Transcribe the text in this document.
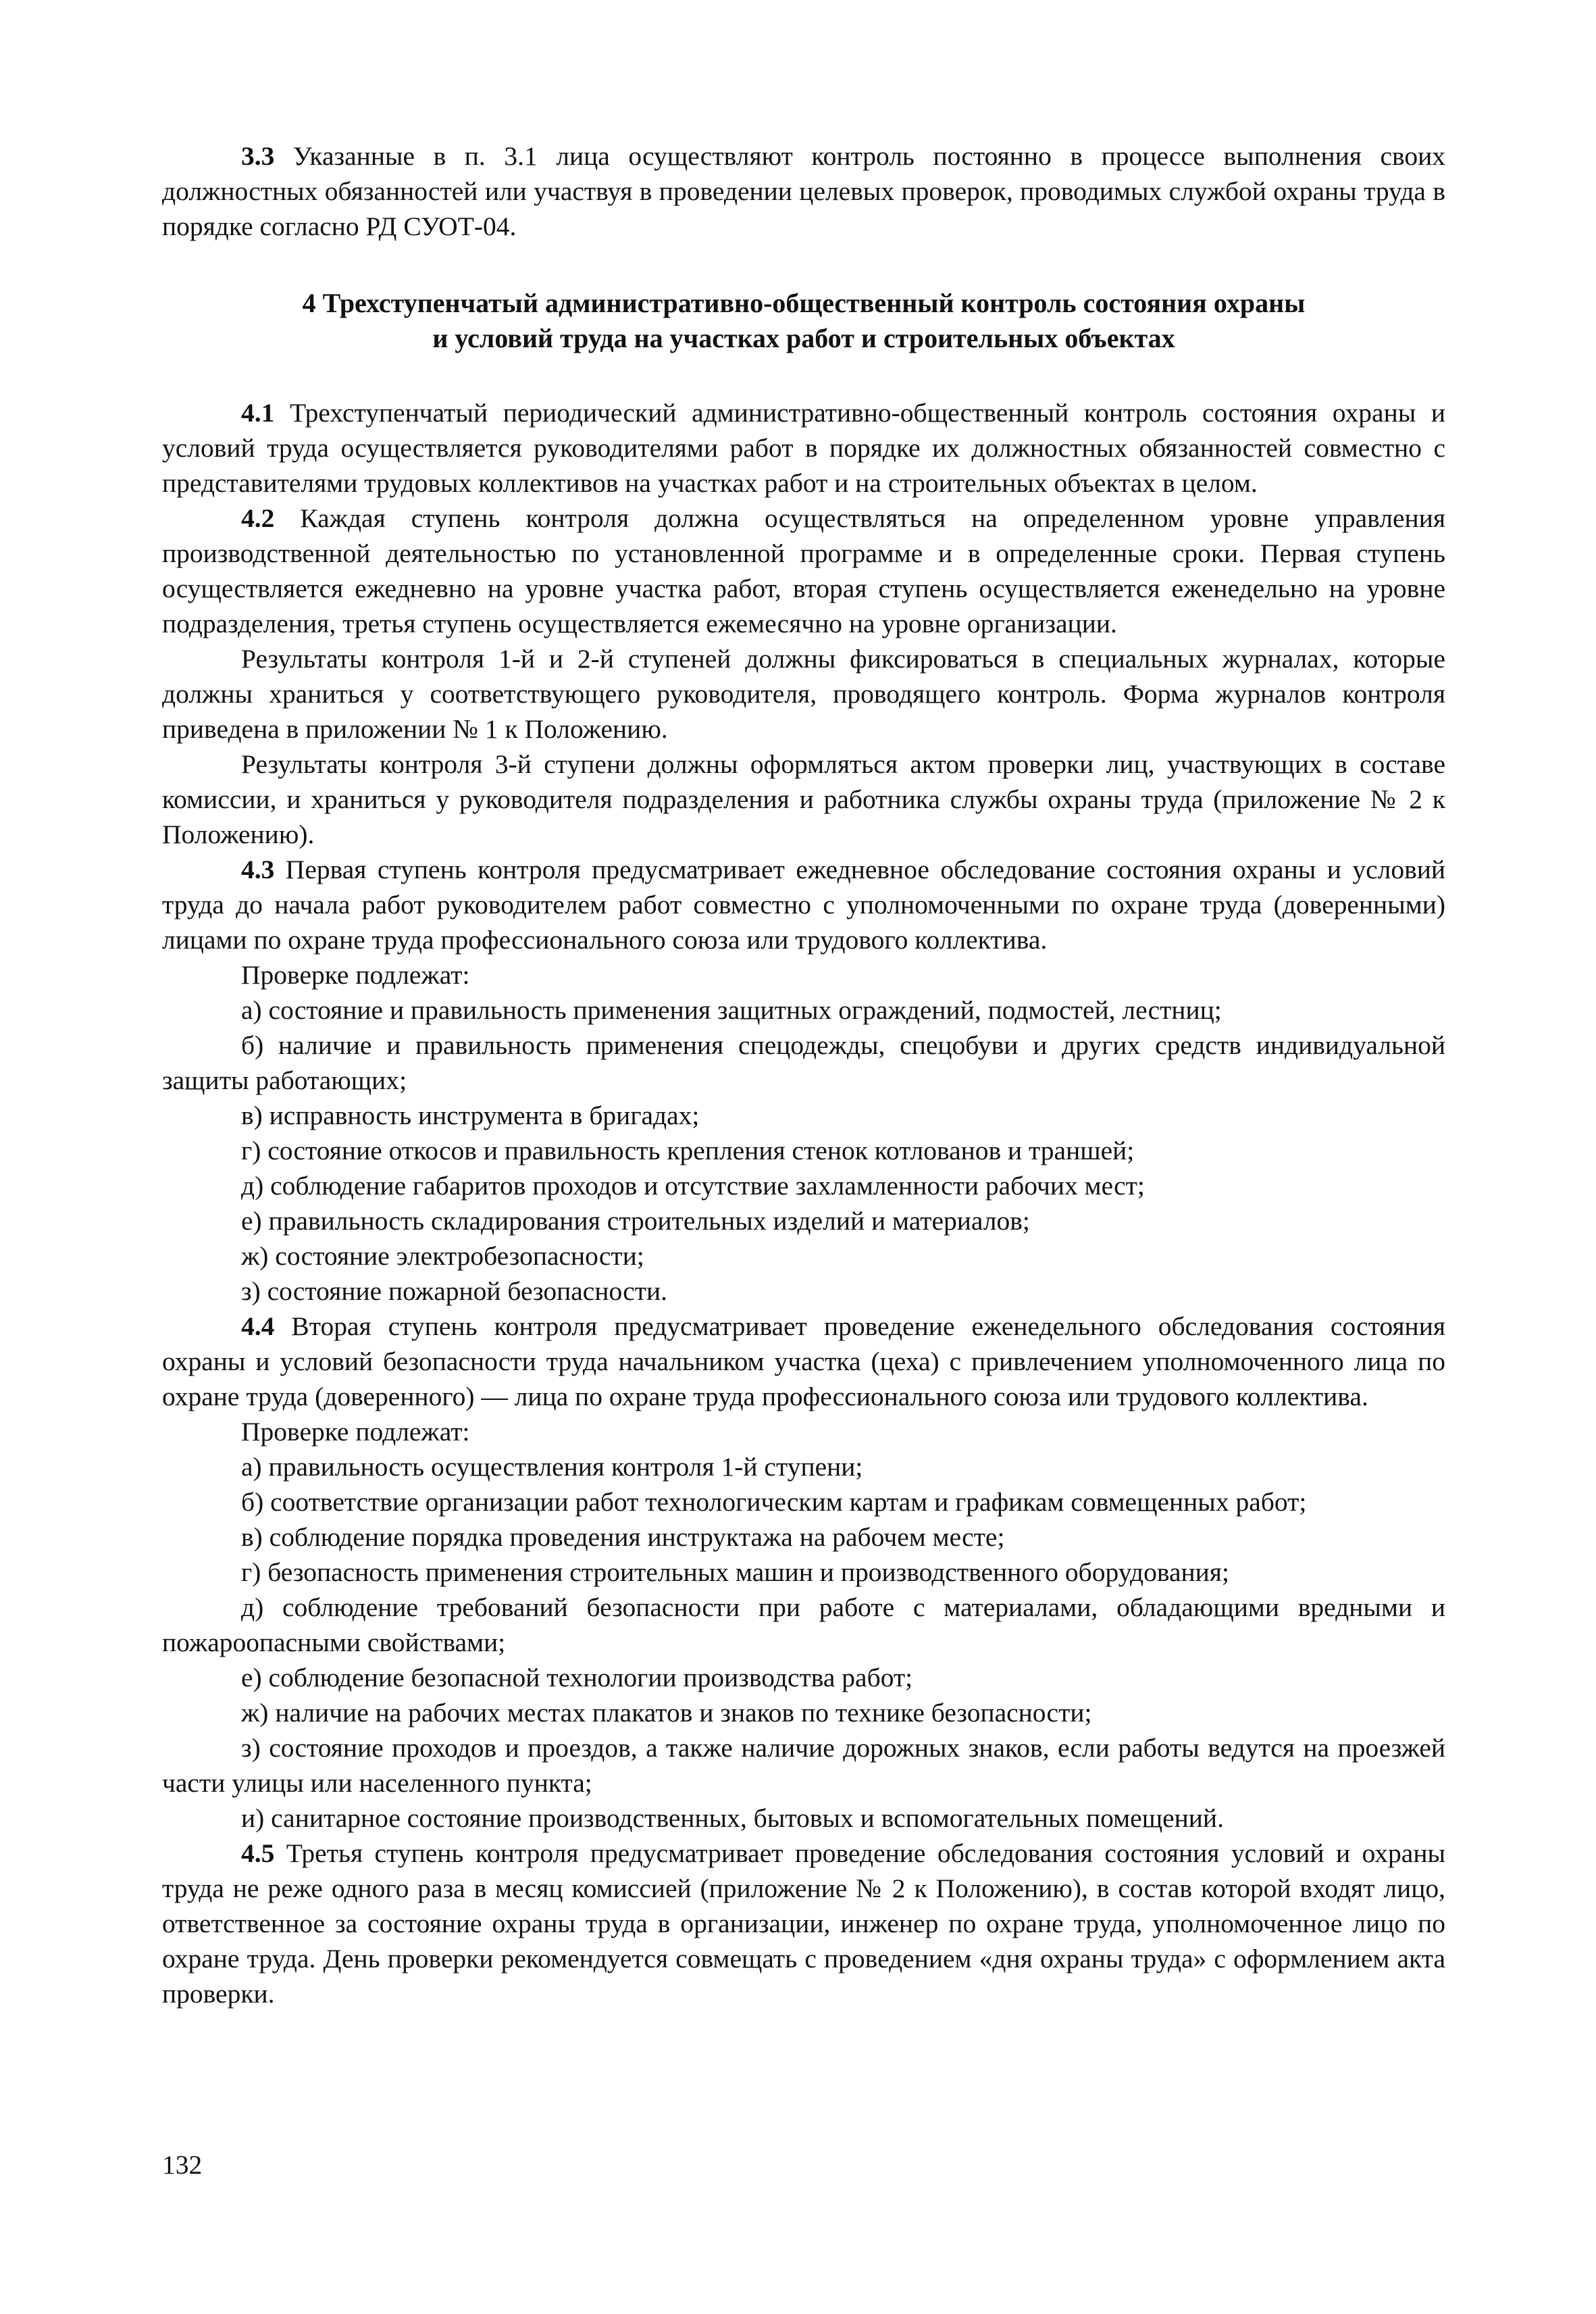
3.3 Указанные в п. 3.1 лица осуществляют контроль постоянно в процессе выполнения своих должностных обязанностей или участвуя в проведении целевых проверок, проводимых службой охраны труда в порядке согласно РД СУОТ-04.

4 Трехступенчатый административно-общественный контроль состояния охраны
и условий труда на участках работ и строительных объектах

4.1 Трехступенчатый периодический административно-общественный контроль состояния охраны и условий труда осуществляется руководителями работ в порядке их должностных обязанностей совместно с представителями трудовых коллективов на участках работ и на строительных объектах в целом.

4.2 Каждая ступень контроля должна осуществляться на определенном уровне управления производственной деятельностью по установленной программе и в определенные сроки. Первая ступень осуществляется ежедневно на уровне участка работ, вторая ступень осуществляется еженедельно на уровне подразделения, третья ступень осуществляется ежемесячно на уровне организации.

Результаты контроля 1-й и 2-й ступеней должны фиксироваться в специальных журналах, которые должны храниться у соответствующего руководителя, проводящего контроль. Форма журналов контроля приведена в приложении № 1 к Положению.

Результаты контроля 3-й ступени должны оформляться актом проверки лиц, участвующих в составе комиссии, и храниться у руководителя подразделения и работника службы охраны труда (приложение № 2 к Положению).

4.3 Первая ступень контроля предусматривает ежедневное обследование состояния охраны и условий труда до начала работ руководителем работ совместно с уполномоченными по охране труда (доверенными) лицами по охране труда профессионального союза или трудового коллектива.

Проверке подлежат:

а) состояние и правильность применения защитных ограждений, подмостей, лестниц;

б) наличие и правильность применения спецодежды, спецобуви и других средств индивидуальной защиты работающих;

в) исправность инструмента в бригадах;

г) состояние откосов и правильность крепления стенок котлованов и траншей;

д) соблюдение габаритов проходов и отсутствие захламленности рабочих мест;

е) правильность складирования строительных изделий и материалов;

ж) состояние электробезопасности;

з) состояние пожарной безопасности.

4.4 Вторая ступень контроля предусматривает проведение еженедельного обследования состояния охраны и условий безопасности труда начальником участка (цеха) с привлечением уполномоченного лица по охране труда (доверенного) — лица по охране труда профессионального союза или трудового коллектива.

Проверке подлежат:

а) правильность осуществления контроля 1-й ступени;

б) соответствие организации работ технологическим картам и графикам совмещенных работ;

в) соблюдение порядка проведения инструктажа на рабочем месте;

г) безопасность применения строительных машин и производственного оборудования;

д) соблюдение требований безопасности при работе с материалами, обладающими вредными и пожароопасными свойствами;

е) соблюдение безопасной технологии производства работ;

ж) наличие на рабочих местах плакатов и знаков по технике безопасности;

з) состояние проходов и проездов, а также наличие дорожных знаков, если работы ведутся на проезжей части улицы или населенного пункта;

и) санитарное состояние производственных, бытовых и вспомогательных помещений.

4.5 Третья ступень контроля предусматривает проведение обследования состояния условий и охраны труда не реже одного раза в месяц комиссией (приложение № 2 к Положению), в состав которой входят лицо, ответственное за состояние охраны труда в организации, инженер по охране труда, уполномоченное лицо по охране труда. День проверки рекомендуется совмещать с проведением «дня охраны труда» с оформлением акта проверки.

132
